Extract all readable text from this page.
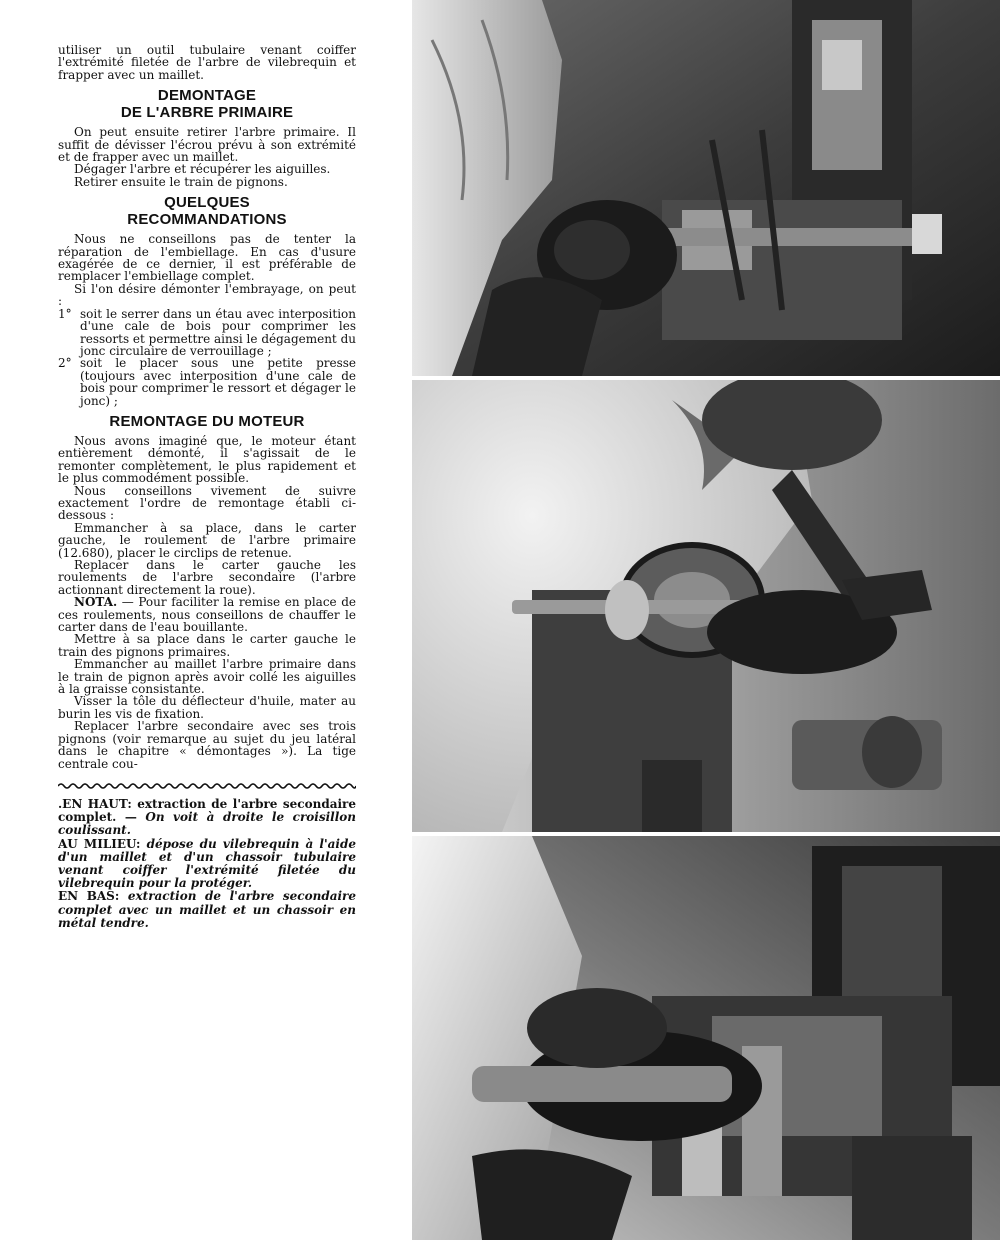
utiliser un outil tubulaire venant coiffer l'extrémité filetée de l'arbre de vilebrequin et frapper avec un maillet.

DEMONTAGE
DE L'ARBRE PRIMAIRE

On peut ensuite retirer l'arbre primaire. Il suffit de dévisser l'écrou prévu à son extrémité et de frapper avec un maillet.

Dégager l'arbre et récupérer les aiguilles.

Retirer ensuite le train de pignons.

QUELQUES
RECOMMANDATIONS

Nous ne conseillons pas de tenter la réparation de l'embiellage. En cas d'usure exagérée de ce dernier, il est préférable de remplacer l'embiellage complet.

Si l'on désire démonter l'embrayage, on peut :

1° soit le serrer dans un étau avec interposition d'une cale de bois pour comprimer les ressorts et permettre ainsi le dégagement du jonc circulaire de verrouillage ;
2° soit le placer sous une petite presse (toujours avec interposition d'une cale de bois pour comprimer le ressort et dégager le jonc) ;
REMONTAGE DU MOTEUR

Nous avons imaginé que, le moteur étant entièrement démonté, il s'agissait de le remonter complètement, le plus rapidement et le plus commodément possible.

Nous conseillons vivement de suivre exactement l'ordre de remontage établi ci-dessous :

Emmancher à sa place, dans le carter gauche, le roulement de l'arbre primaire (12.680), placer le circlips de retenue.

Replacer dans le carter gauche les roulements de l'arbre secondaire (l'arbre actionnant directement la roue).

NOTA. — Pour faciliter la remise en place de ces roulements, nous conseillons de chauffer le carter dans de l'eau bouillante.

Mettre à sa place dans le carter gauche le train des pignons primaires.

Emmancher au maillet l'arbre primaire dans le train de pignon après avoir collé les aiguilles à la graisse consistante.

Visser la tôle du déflecteur d'huile, mater au burin les vis de fixation.

Replacer l'arbre secondaire avec ses trois pignons (voir remarque au sujet du jeu latéral dans le chapitre « démontages »). La tige centrale cou-

.EN HAUT: extraction de l'arbre secondaire complet. — On voit à droite le croisillon coulissant.

AU MILIEU: dépose du vilebrequin à l'aide d'un maillet et d'un chassoir tubulaire venant coiffer l'extrémité filetée du vilebrequin pour la protéger.

EN BAS: extraction de l'arbre secondaire complet avec un maillet et un chassoir en métal tendre.
